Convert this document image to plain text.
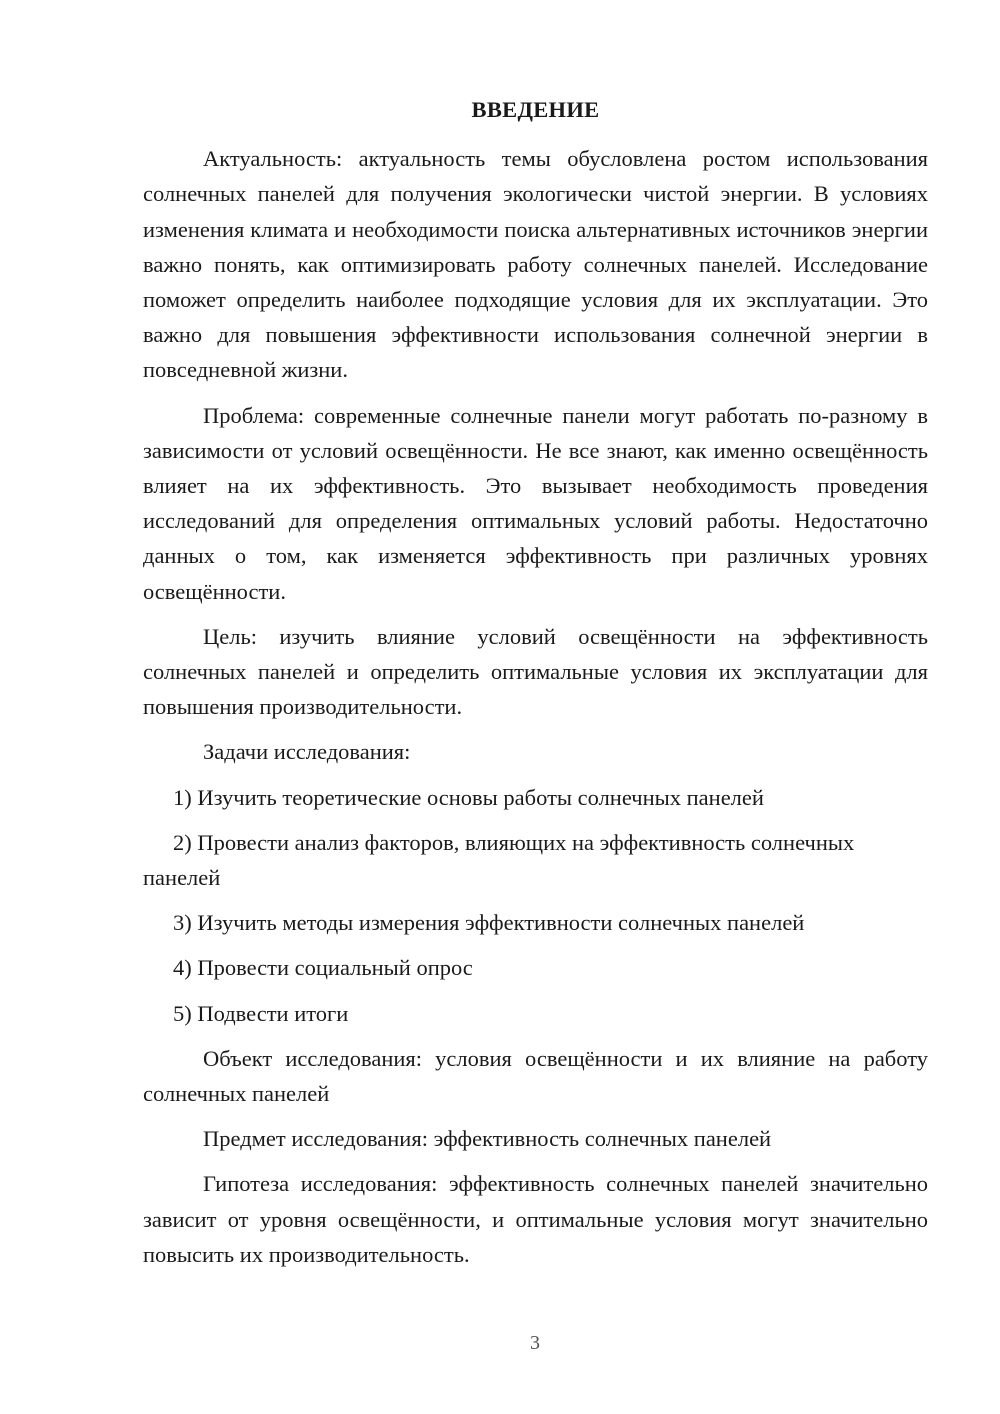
ВВЕДЕНИЕ

Актуальность: актуальность темы обусловлена ростом использования солнечных панелей для получения экологически чистой энергии. В условиях изменения климата и необходимости поиска альтернативных источников энергии важно понять, как оптимизировать работу солнечных панелей. Исследование поможет определить наиболее подходящие условия для их эксплуатации. Это важно для повышения эффективности использования солнечной энергии в повседневной жизни.

Проблема: современные солнечные панели могут работать по-разному в зависимости от условий освещённости. Не все знают, как именно освещённость влияет на их эффективность. Это вызывает необходимость проведения исследований для определения оптимальных условий работы. Недостаточно данных о том, как изменяется эффективность при различных уровнях освещённости.

Цель: изучить влияние условий освещённости на эффективность солнечных панелей и определить оптимальные условия их эксплуатации для повышения производительности.

Задачи исследования:

1) Изучить теоретические основы работы солнечных панелей
2) Провести анализ факторов, влияющих на эффективность солнечных панелей
3) Изучить методы измерения эффективности солнечных панелей
4) Провести социальный опрос
5) Подвести итоги

Объект исследования: условия освещённости и их влияние на работу солнечных панелей

Предмет исследования: эффективность солнечных панелей

Гипотеза исследования: эффективность солнечных панелей значительно зависит от уровня освещённости, и оптимальные условия могут значительно повысить их производительность.

3
